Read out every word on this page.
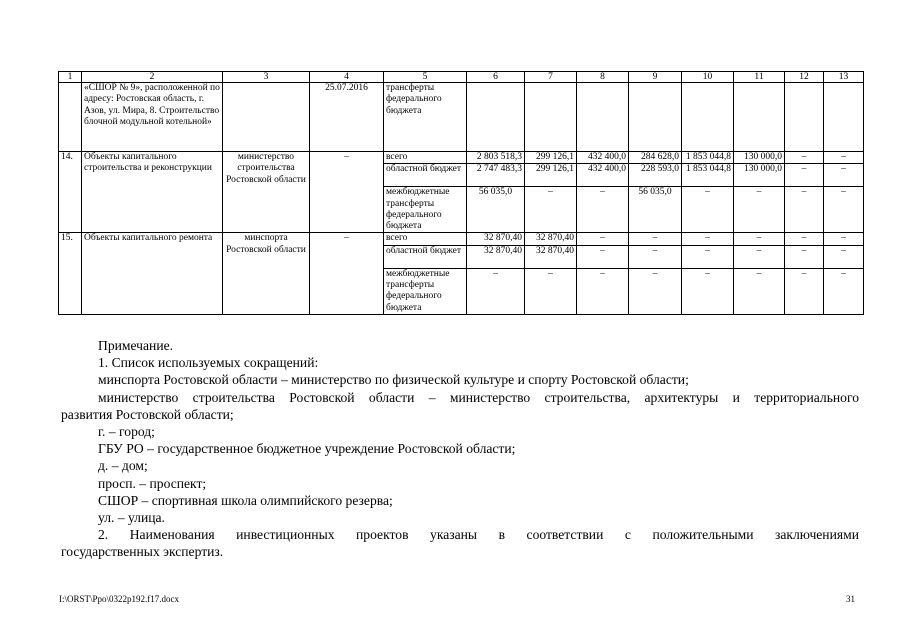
1	2	3	4	5	6	7	8	9	10	11	12	13
	«СШОР № 9», расположенной по адресу: Ростовская область, г. Азов, ул. Мира, 8. Строительство блочной модульной котельной»		25.07.2016	трансферты федерального бюджета								
14.	Объекты капитального строительства и реконструкции	министерство строительства Ростовской области	–	всего	2 803 518,3	299 126,1	432 400,0	284 628,0	1 853 044,8	130 000,0	–	–
				областной бюджет	2 747 483,3	299 126,1	432 400,0	228 593,0	1 853 044,8	130 000,0	–	–
				межбюджетные трансферты федерального бюджета	56 035,0	–	–	56 035,0	–	–	–	–
15.	Объекты капитального ремонта	минспорта Ростовской области	–	всего	32 870,40	32 870,40	–	–	–	–	–	–
				областной бюджет	32 870,40	32 870,40	–	–	–	–	–	–
				межбюджетные трансферты федерального бюджета	–	–	–	–	–	–	–	–

Примечание.

1. Список используемых сокращений:

минспорта Ростовской области – министерство по физической культуре и спорту Ростовской области;

министерство строительства Ростовской области – министерство строительства, архитектуры и территориального

развития Ростовской области;

г. – город;

ГБУ РО – государственное бюджетное учреждение Ростовской области;

д. – дом;

просп. – проспект;

СШОР – спортивная школа олимпийского резерва;

ул. – улица.

2. Наименования инвестиционных проектов указаны в соответствии с положительными заключениями

государственных экспертиз.

I:\ORST\Ppo\0322p192.f17.docx	31
